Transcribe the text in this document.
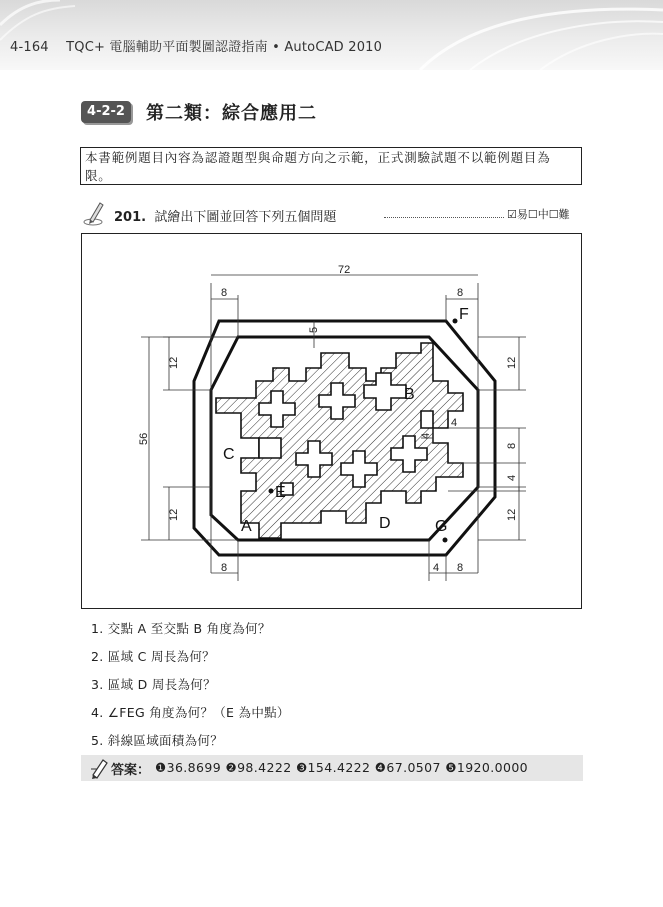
4-164 TQC+ 電腦輔助平面製圖認證指南 • AutoCAD 2010
4-2-2	第二類：綜合應用二
本書範例題目內容為認證題型與命題方向之示範，正式測驗試題不以範例題目為限。
201. 試繪出下圖並回答下列五個問題	☑易☐中☐難
F
B
C
E
A	D	G
72
8	8
5
12	12
56
4
4
8
4
12	12
8	4 8
1. 交點 A 至交點 B 角度為何？
2. 區域 C 周長為何？
3. 區域 D 周長為何？
4. ∠FEG 角度為何？（E 為中點）
5. 斜線區域面積為何？
答案： ❶36.8699 ❷98.4222 ❸154.4222 ❹67.0507 ❺1920.0000
